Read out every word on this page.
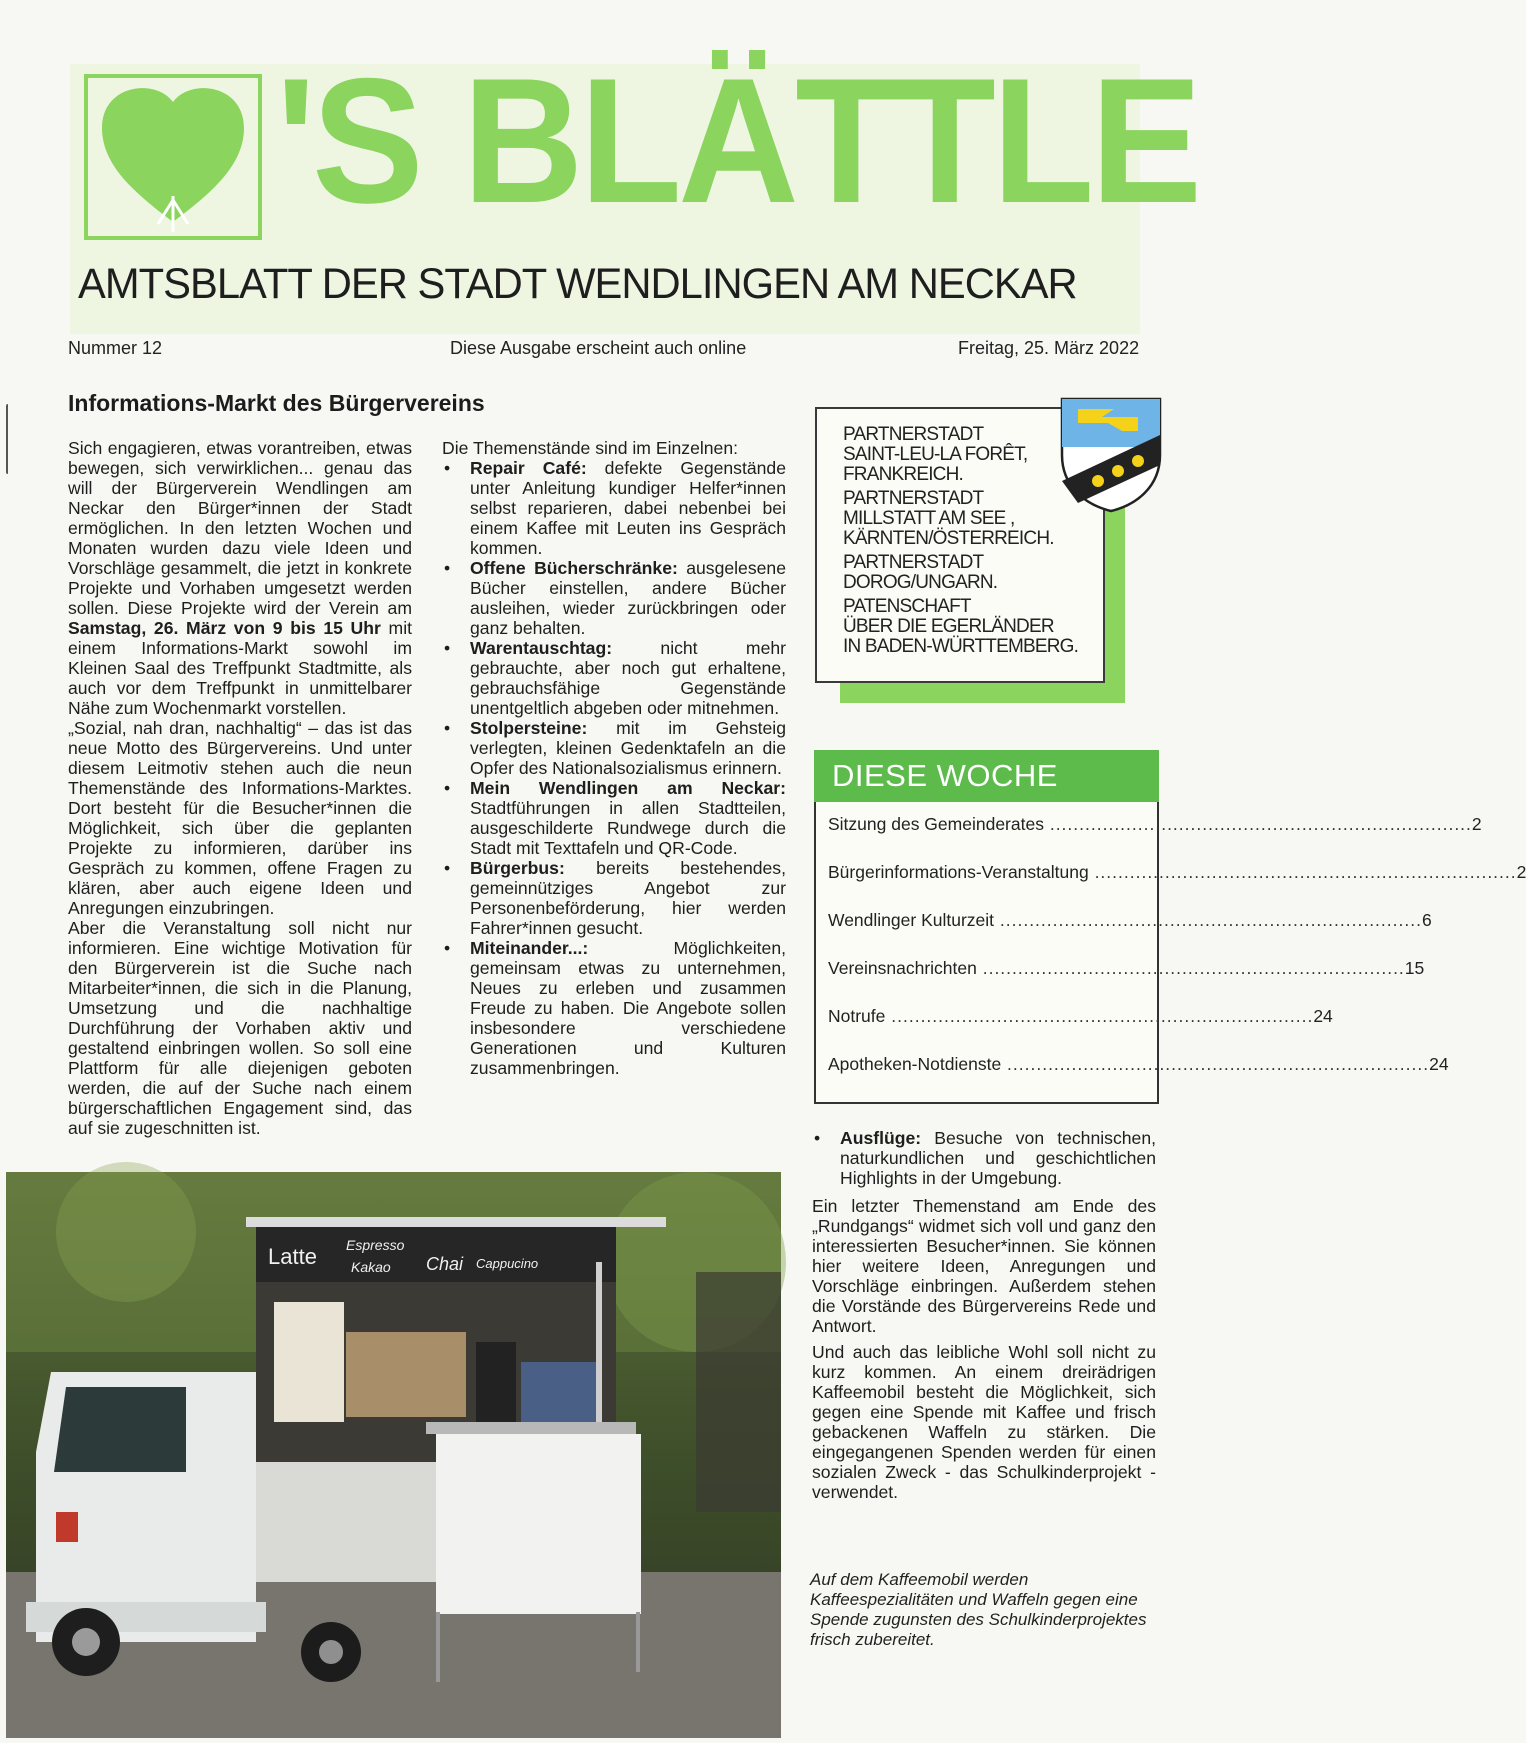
'S BLÄTTLE
AMTSBLATT DER STADT WENDLINGEN AM NECKAR
Nummer 12	Diese Ausgabe erscheint auch online	Freitag, 25. März 2022
Informations-Markt des Bürgervereins

Sich engagieren, etwas vorantreiben, etwas bewegen, sich verwirklichen... genau das will der Bürgerverein Wendlingen am Neckar den Bürger*innen der Stadt ermöglichen. In den letzten Wochen und Monaten wurden dazu viele Ideen und Vorschläge gesammelt, die jetzt in konkrete Projekte und Vorhaben umgesetzt werden sollen. Diese Projekte wird der Verein am Samstag, 26. März von 9 bis 15 Uhr mit einem Informations-Markt sowohl im Kleinen Saal des Treffpunkt Stadtmitte, als auch vor dem Treffpunkt in unmittelbarer Nähe zum Wochenmarkt vorstellen.

„Sozial, nah dran, nachhaltig“ – das ist das neue Motto des Bürgervereins. Und unter diesem Leitmotiv stehen auch die neun Themenstände des Informations-Marktes. Dort besteht für die Besucher*innen die Möglichkeit, sich über die geplanten Projekte zu informieren, darüber ins Gespräch zu kommen, offene Fragen zu klären, aber auch eigene Ideen und Anregungen einzubringen.

Aber die Veranstaltung soll nicht nur informieren. Eine wichtige Motivation für den Bürgerverein ist die Suche nach Mitarbeiter*innen, die sich in die Planung, Umsetzung und die nachhaltige Durchführung der Vorhaben aktiv und gestaltend einbringen wollen. So soll eine Plattform für alle diejenigen geboten werden, die auf der Suche nach einem bürgerschaftlichen Engagement sind, das auf sie zugeschnitten ist.

Die Themenstände sind im Einzelnen:

• Repair Café: defekte Gegenstände unter Anleitung kundiger Helfer*innen selbst reparieren, dabei nebenbei bei einem Kaffee mit Leuten ins Gespräch kommen.
• Offene Bücherschränke: ausgelesene Bücher einstellen, andere Bücher ausleihen, wieder zurückbringen oder ganz behalten.
• Warentauschtag: nicht mehr gebrauchte, aber noch gut erhaltene, gebrauchsfähige Gegenstände unentgeltlich abgeben oder mitnehmen.
• Stolpersteine: mit im Gehsteig verlegten, kleinen Gedenktafeln an die Opfer des Nationalsozialismus erinnern.
• Mein Wendlingen am Neckar: Stadtführungen in allen Stadtteilen, ausgeschilderte Rundwege durch die Stadt mit Texttafeln und QR-Code.
• Bürgerbus: bereits bestehendes, gemeinnütziges Angebot zur Personenbeförderung, hier werden Fahrer*innen gesucht.
• Miteinander...: Möglichkeiten, gemeinsam etwas zu unternehmen, Neues zu erleben und zusammen Freude zu haben. Die Angebote sollen insbesondere verschiedene Generationen und Kulturen zusammenbringen.
Latte Espresso
Kakao Chai Cappucino
PARTNERSTADT
SAINT-LEU-LA FORÊT,
FRANKREICH.
PARTNERSTADT
MILLSTATT AM SEE ,
KÄRNTEN/ÖSTERREICH.
PARTNERSTADT
DOROG/UNGARN.
PATENSCHAFT
ÜBER DIE EGERLÄNDER
IN BADEN-WÜRTTEMBERG.
DIESE WOCHE
Sitzung des Gemeinderates ........................................................................ 2
Bürgerinformations-Veranstaltung ........................................................................ 2
Wendlinger Kulturzeit ........................................................................ 6
Vereinsnachrichten ........................................................................ 15
Notrufe ........................................................................ 24
Apotheken-Notdienste ........................................................................ 24
• Ausflüge: Besuche von technischen, naturkundlichen und geschichtlichen Highlights in der Umgebung.

Ein letzter Themenstand am Ende des „Rundgangs“ widmet sich voll und ganz den interessierten Besucher*innen. Sie können hier weitere Ideen, Anregungen und Vorschläge einbringen. Außerdem stehen die Vorstände des Bürgervereins Rede und Antwort.

Und auch das leibliche Wohl soll nicht zu kurz kommen. An einem dreirädrigen Kaffeemobil besteht die Möglichkeit, sich gegen eine Spende mit Kaffee und frisch gebackenen Waffeln zu stärken. Die eingegangenen Spenden werden für einen sozialen Zweck - das Schulkinderprojekt - verwendet.

Auf dem Kaffeemobil werden Kaffeespezialitäten und Waffeln gegen eine Spende zugunsten des Schulkinderprojektes frisch zubereitet.
